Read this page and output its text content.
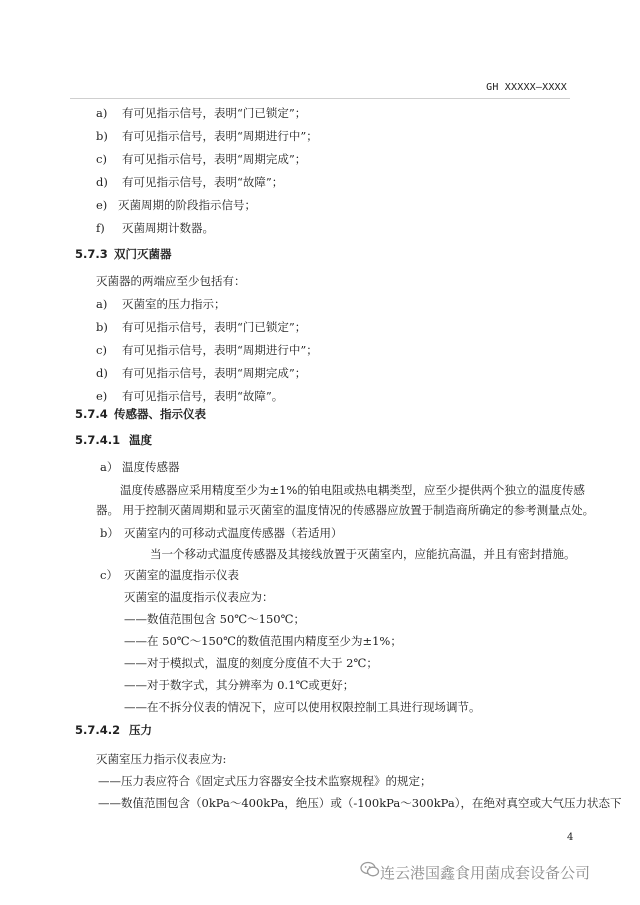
GH XXXXX—XXXX
a) 有可见指示信号，表明“门已锁定”；
b) 有可见指示信号，表明“周期进行中”；
c) 有可见指示信号，表明“周期完成”；
d) 有可见指示信号，表明“故障”；
e) 灭菌周期的阶段指示信号；
f) 灭菌周期计数器。
5.7.3 双门灭菌器
灭菌器的两端应至少包括有：
a) 灭菌室的压力指示；
b) 有可见指示信号，表明“门已锁定”；
c) 有可见指示信号，表明“周期进行中”；
d) 有可见指示信号，表明“周期完成”；
e) 有可见指示信号，表明“故障”。
5.7.4 传感器、指示仪表
5.7.4.1 温度
a） 温度传感器
温度传感器应采用精度至少为±1%的铂电阻或热电耦类型，应至少提供两个独立的温度传感
器。 用于控制灭菌周期和显示灭菌室的温度情况的传感器应放置于制造商所确定的参考测量点处。
b） 灭菌室内的可移动式温度传感器（若适用）
当一个移动式温度传感器及其接线放置于灭菌室内，应能抗高温，并且有密封措施。
c） 灭菌室的温度指示仪表
灭菌室的温度指示仪表应为：
——数值范围包含 50℃～150℃；
——在 50℃～150℃的数值范围内精度至少为±1%；
——对于模拟式，温度的刻度分度值不大于 2℃；
——对于数字式，其分辨率为 0.1℃或更好；
——在不拆分仪表的情况下，应可以使用权限控制工具进行现场调节。
5.7.4.2 压力
灭菌室压力指示仪表应为:
——压力表应符合《固定式压力容器安全技术监察规程》的规定；
——数值范围包含（0kPa～400kPa，绝压）或（-100kPa～300kPa），在绝对真空或大气压力状态下
4
连云港国鑫食用菌成套设备公司
